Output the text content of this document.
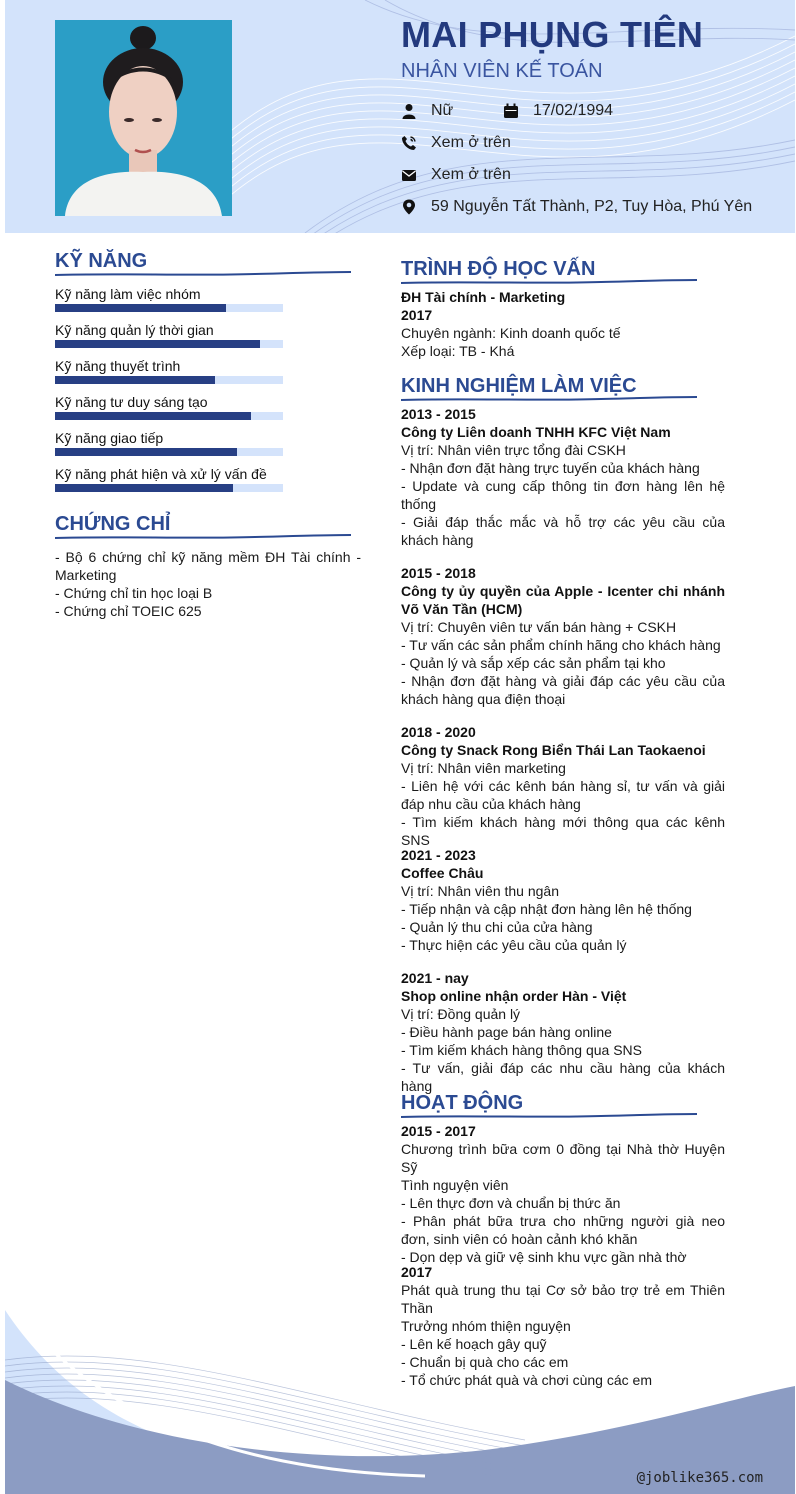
MAI PHỤNG TIÊN
NHÂN VIÊN KẾ TOÁN
Nữ	17/02/1994
Xem ở trên
Xem ở trên
59 Nguyễn Tất Thành, P2, Tuy Hòa, Phú Yên
KỸ NĂNG
Kỹ năng làm việc nhóm
Kỹ năng quản lý thời gian
Kỹ năng thuyết trình
Kỹ năng tư duy sáng tạo
Kỹ năng giao tiếp
Kỹ năng phát hiện và xử lý vấn đề
CHỨNG CHỈ
- Bộ 6 chứng chỉ kỹ năng mềm ĐH Tài chính - Marketing
- Chứng chỉ tin học loại B
- Chứng chỉ TOEIC 625
TRÌNH ĐỘ HỌC VẤN
ĐH Tài chính - Marketing
2017
Chuyên ngành: Kinh doanh quốc tế
Xếp loại: TB - Khá
KINH NGHIỆM LÀM VIỆC
2013 - 2015
Công ty Liên doanh TNHH KFC Việt Nam
Vị trí: Nhân viên trực tổng đài CSKH
- Nhận đơn đặt hàng trực tuyến của khách hàng
- Update và cung cấp thông tin đơn hàng lên hệ thống
- Giải đáp thắc mắc và hỗ trợ các yêu cầu của khách hàng
2015 - 2018
Công ty ủy quyền của Apple - Icenter chi nhánh Võ Văn Tần (HCM)
Vị trí: Chuyên viên tư vấn bán hàng + CSKH
- Tư vấn các sản phẩm chính hãng cho khách hàng
- Quản lý và sắp xếp các sản phẩm tại kho
- Nhận đơn đặt hàng và giải đáp các yêu cầu của khách hàng qua điện thoại
2018 - 2020
Công ty Snack Rong Biển Thái Lan Taokaenoi
Vị trí: Nhân viên marketing
- Liên hệ với các kênh bán hàng sỉ, tư vấn và giải đáp nhu cầu của khách hàng
- Tìm kiếm khách hàng mới thông qua các kênh SNS
2021 - 2023
Coffee Châu
Vị trí: Nhân viên thu ngân
- Tiếp nhận và cập nhật đơn hàng lên hệ thống
- Quản lý thu chi của cửa hàng
- Thực hiện các yêu cầu của quản lý
2021 - nay
Shop online nhận order Hàn - Việt
Vị trí: Đồng quản lý
- Điều hành page bán hàng online
- Tìm kiếm khách hàng thông qua SNS
- Tư vấn, giải đáp các nhu cầu hàng của khách hàng
HOẠT ĐỘNG
2015 - 2017
Chương trình bữa cơm 0 đồng tại Nhà thờ Huyện Sỹ
Tình nguyện viên
- Lên thực đơn và chuẩn bị thức ăn
- Phân phát bữa trưa cho những người già neo đơn, sinh viên có hoàn cảnh khó khăn
- Dọn dẹp và giữ vệ sinh khu vực gần nhà thờ
2017
Phát quà trung thu tại Cơ sở bảo trợ trẻ em Thiên Thần
Trưởng nhóm thiện nguyện
- Lên kế hoạch gây quỹ
- Chuẩn bị quà cho các em
- Tổ chức phát quà và chơi cùng các em
@joblike365.com
